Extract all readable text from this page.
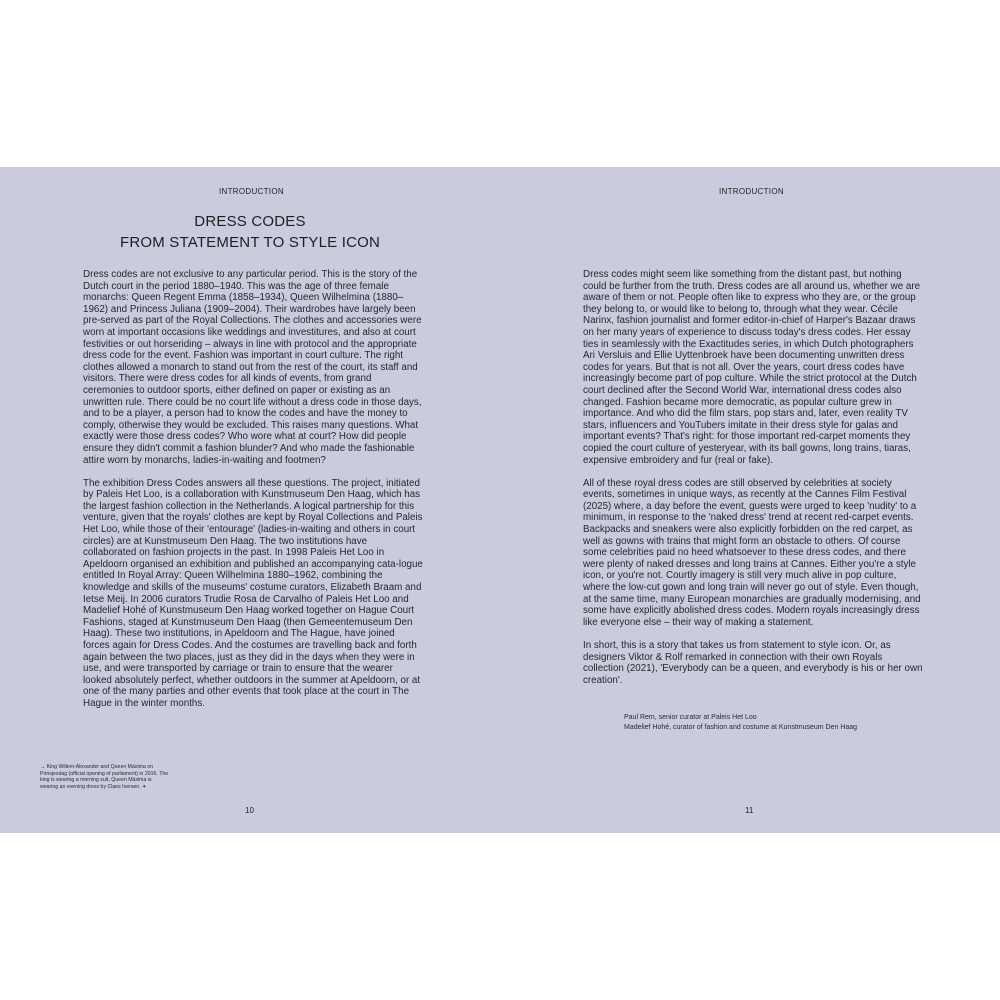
INTRODUCTION
DRESS CODES
FROM STATEMENT TO STYLE ICON

Dress codes are not exclusive to any particular period. This is the story of the Dutch court in the period 1880–1940. This was the age of three female monarchs: Queen Regent Emma (1858–1934), Queen Wilhelmina (1880–1962) and Princess Juliana (1909–2004). Their wardrobes have largely been pre-served as part of the Royal Collections. The clothes and accessories were worn at important occasions like weddings and investitures, and also at court festivities or out horseriding – always in line with protocol and the appropriate dress code for the event. Fashion was important in court culture. The right clothes allowed a monarch to stand out from the rest of the court, its staff and visitors. There were dress codes for all kinds of events, from grand ceremonies to outdoor sports, either defined on paper or existing as an unwritten rule. There could be no court life without a dress code in those days, and to be a player, a person had to know the codes and have the money to comply, otherwise they would be excluded. This raises many questions. What exactly were those dress codes? Who wore what at court? How did people ensure they didn't commit a fashion blunder? And who made the fashionable attire worn by monarchs, ladies-in-waiting and footmen?

The exhibition Dress Codes answers all these questions. The project, initiated by Paleis Het Loo, is a collaboration with Kunstmuseum Den Haag, which has the largest fashion collection in the Netherlands. A logical partnership for this venture, given that the royals' clothes are kept by Royal Collections and Paleis Het Loo, while those of their 'entourage' (ladies-in-waiting and others in court circles) are at Kunstmuseum Den Haag. The two institutions have collaborated on fashion projects in the past. In 1998 Paleis Het Loo in Apeldoorn organised an exhibition and published an accompanying cata-logue entitled In Royal Array: Queen Wilhelmina 1880–1962, combining the knowledge and skills of the museums' costume curators, Elizabeth Braam and Ietse Meij. In 2006 curators Trudie Rosa de Carvalho of Paleis Het Loo and Madelief Hohé of Kunstmuseum Den Haag worked together on Hague Court Fashions, staged at Kunstmuseum Den Haag (then Gemeentemuseum Den Haag). These two institutions, in Apeldoorn and The Hague, have joined forces again for Dress Codes. And the costumes are travelling back and forth again between the two places, just as they did in the days when they were in use, and were transported by carriage or train to ensure that the wearer looked absolutely perfect, whether outdoors in the summer at Apeldoorn, or at one of the many parties and other events that took place at the court in The Hague in the winter months.

→ King Willem-Alexander and Queen Máxima on Prinsjesdag (official opening of parliament) in 2016. The king is wearing a morning suit, Queen Máxima is wearing an evening dress by Claes Iversen. ✦
10
INTRODUCTION

Dress codes might seem like something from the distant past, but nothing could be further from the truth. Dress codes are all around us, whether we are aware of them or not. People often like to express who they are, or the group they belong to, or would like to belong to, through what they wear. Cécile Narinx, fashion journalist and former editor-in-chief of Harper's Bazaar draws on her many years of experience to discuss today's dress codes. Her essay ties in seamlessly with the Exactitudes series, in which Dutch photographers Ari Versluis and Ellie Uyttenbroek have been documenting unwritten dress codes for years. But that is not all. Over the years, court dress codes have increasingly become part of pop culture. While the strict protocol at the Dutch court declined after the Second World War, international dress codes also changed. Fashion became more democratic, as popular culture grew in importance. And who did the film stars, pop stars and, later, even reality TV stars, influencers and YouTubers imitate in their dress style for galas and important events? That's right: for those important red-carpet moments they copied the court culture of yesteryear, with its ball gowns, long trains, tiaras, expensive embroidery and fur (real or fake).

All of these royal dress codes are still observed by celebrities at society events, sometimes in unique ways, as recently at the Cannes Film Festival (2025) where, a day before the event, guests were urged to keep 'nudity' to a minimum, in response to the 'naked dress' trend at recent red-carpet events. Backpacks and sneakers were also explicitly forbidden on the red carpet, as well as gowns with trains that might form an obstacle to others. Of course some celebrities paid no heed whatsoever to these dress codes, and there were plenty of naked dresses and long trains at Cannes. Either you're a style icon, or you're not. Courtly imagery is still very much alive in pop culture, where the low-cut gown and long train will never go out of style. Even though, at the same time, many European monarchies are gradually modernising, and some have explicitly abolished dress codes. Modern royals increasingly dress like everyone else – their way of making a statement.

In short, this is a story that takes us from statement to style icon. Or, as designers Viktor & Rolf remarked in connection with their own Royals collection (2021), 'Everybody can be a queen, and everybody is his or her own creation'.

Paul Rem, senior curator at Paleis Het Loo
Madelief Hohé, curator of fashion and costume at Kunstmuseum Den Haag
11
